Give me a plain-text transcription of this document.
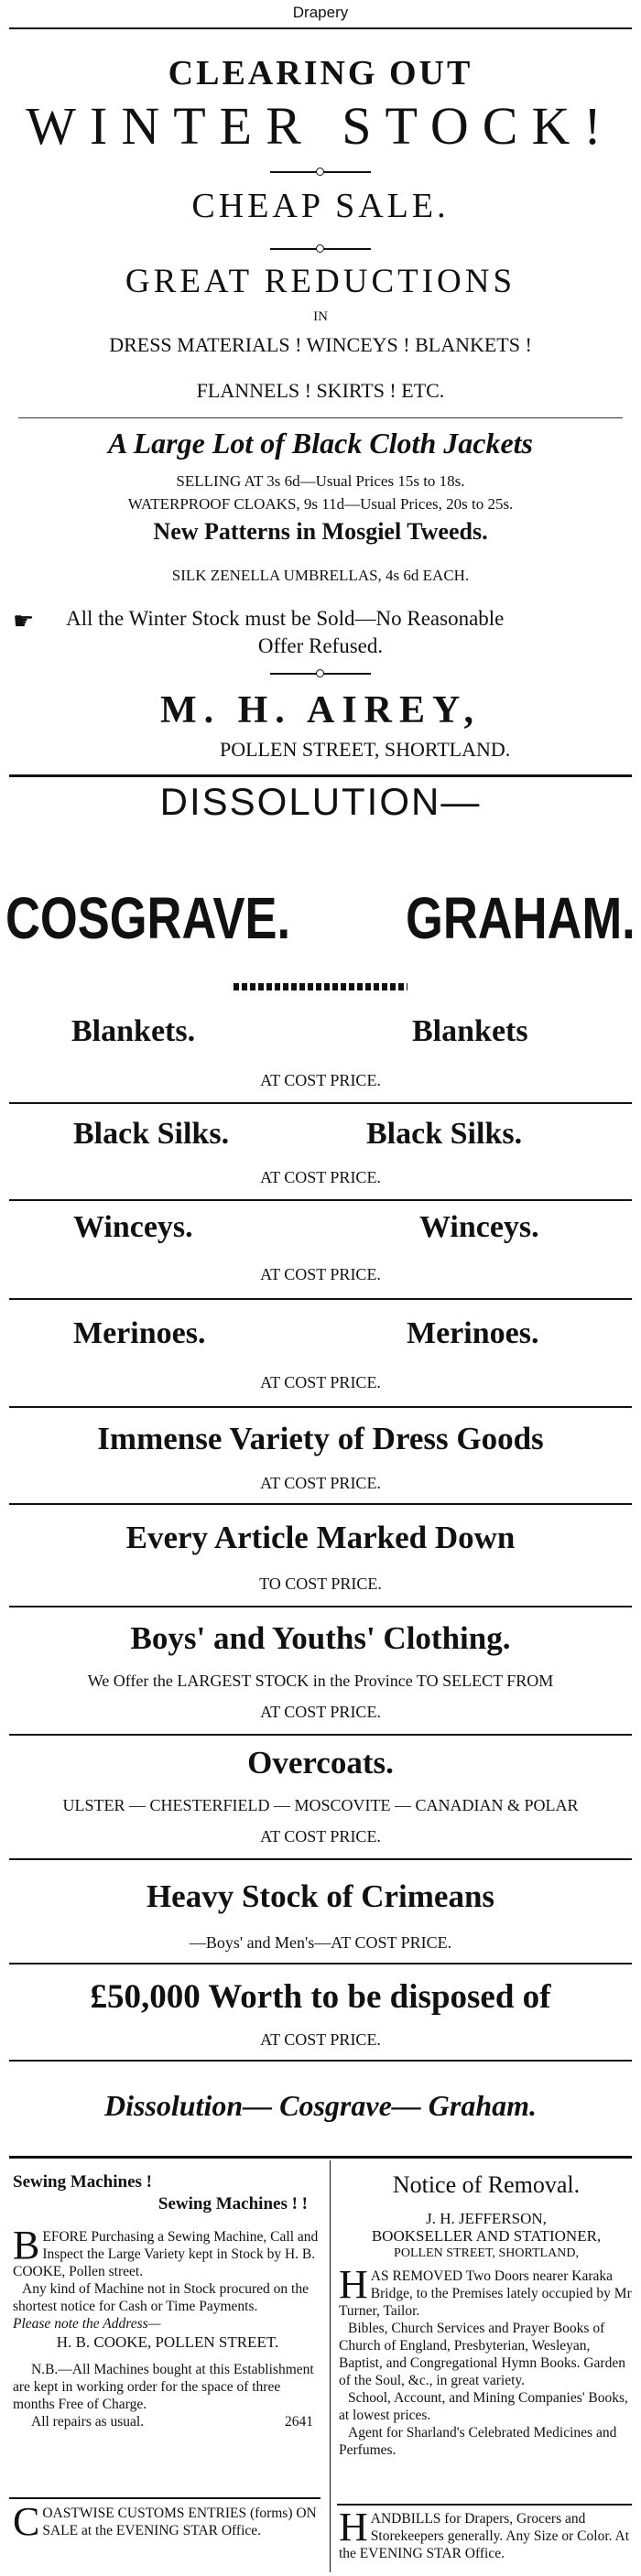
Drapery
CLEARING OUT
WINTER STOCK!
CHEAP SALE.
GREAT REDUCTIONS
IN
DRESS MATERIALS ! WINCEYS ! BLANKETS !
FLANNELS ! SKIRTS ! ETC.
A Large Lot of Black Cloth Jackets
SELLING AT 3s 6d—Usual Prices 15s to 18s.
WATERPROOF CLOAKS, 9s 11d—Usual Prices, 20s to 25s.
New Patterns in Mosgiel Tweeds.
SILK ZENELLA UMBRELLAS, 4s 6d EACH.
☛ All the Winter Stock must be Sold—No Reasonable
Offer Refused.
M. H. AIREY,
POLLEN STREET, SHORTLAND.
DISSOLUTION—
COSGRAVE. GRAHAM.
Blankets.	Blankets
AT COST PRICE.
Black Silks.	Black Silks.
AT COST PRICE.
Winceys.	Winceys.
AT COST PRICE.
Merinoes.	Merinoes.
AT COST PRICE.
Immense Variety of Dress Goods
AT COST PRICE.
Every Article Marked Down
TO COST PRICE.
Boys' and Youths' Clothing.
We Offer the LARGEST STOCK in the Province TO SELECT FROM
AT COST PRICE.
Overcoats.
ULSTER — CHESTERFIELD — MOSCOVITE — CANADIAN & POLAR
AT COST PRICE.
Heavy Stock of Crimeans
—Boys' and Men's—AT COST PRICE.
£50,000 Worth to be disposed of
AT COST PRICE.
Dissolution— Cosgrave— Graham.
Sewing Machines !
Sewing Machines ! !

BEFORE Purchasing a Sewing Machine, Call and Inspect the Large Variety kept in Stock by H. B. COOKE, Pollen street.

Any kind of Machine not in Stock procured on the shortest notice for Cash or Time Payments.

Please note the Address—

H. B. COOKE, POLLEN STREET.

N.B.—All Machines bought at this Establishment are kept in working order for the space of three months Free of Charge.

All repairs as usual.	2641

COASTWISE CUSTOMS ENTRIES (forms) ON SALE at the EVENING STAR Office.

Notice of Removal.

J. H. JEFFERSON,

BOOKSELLER AND STATIONER,

POLLEN STREET, SHORTLAND,

HAS REMOVED Two Doors nearer Karaka Bridge, to the Premises lately occupied by Mr Turner, Tailor.

Bibles, Church Services and Prayer Books of Church of England, Presbyterian, Wesleyan, Baptist, and Congregational Hymn Books. Garden of the Soul, &c., in great variety.

School, Account, and Mining Companies' Books, at lowest prices.

Agent for Sharland's Celebrated Medicines and Perfumes.

HANDBILLS for Drapers, Grocers and Storekeepers generally. Any Size or Color. At the EVENING STAR Office.
